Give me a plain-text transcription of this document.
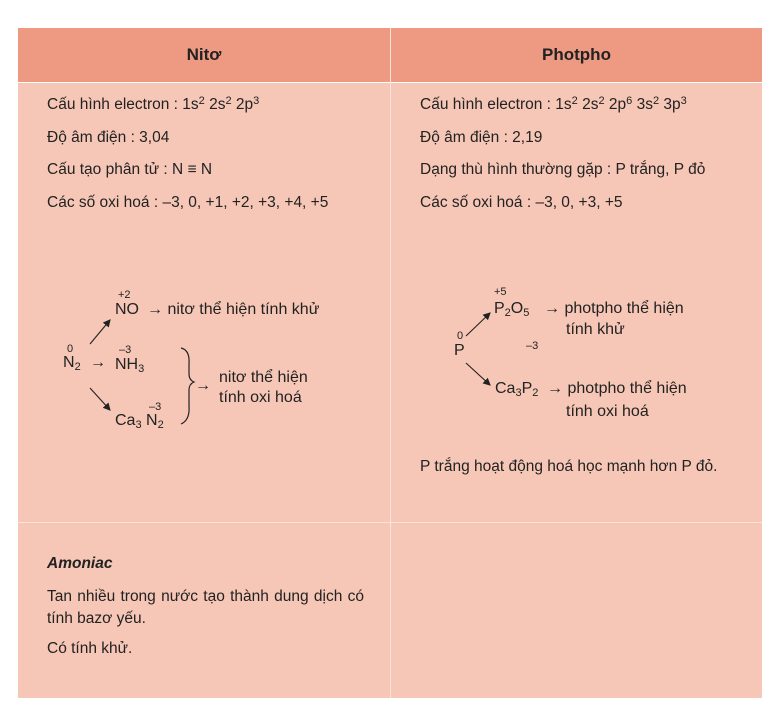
Nitơ	Photpho
Cấu hình electron : $1s^2$ $2s^2$ $2p^3$
Độ âm điện : 3,04
Cấu tạo phân tử : N ≡ N
Các số oxi hoá : –3, 0, +1, +2, +3, +4, +5
0
$N_2$ →
+2
NO → nitơ thể hiện tính khử
–3
$NH_3$
–3
$Ca_3$ $N_2$
→ nitơ thể hiện
tính oxi hoá
Cấu hình electron : $1s^2$ $2s^2$ $2p^6$ $3s^2$ $3p^3$
Độ âm điện : 2,19
Dạng thù hình thường gặp : P trắng, P đỏ
Các số oxi hoá : –3, 0, +3, +5
0
P
+5
$P_2O_5$ → photpho thể hiện
tính khử
–3
$Ca_3P_2$ → photpho thể hiện
tính oxi hoá
P trắng hoạt động hoá học mạnh hơn P đỏ.
Amoniac
Tan nhiều trong nước tạo thành dung dịch có tính bazơ yếu.
Có tính khử.
